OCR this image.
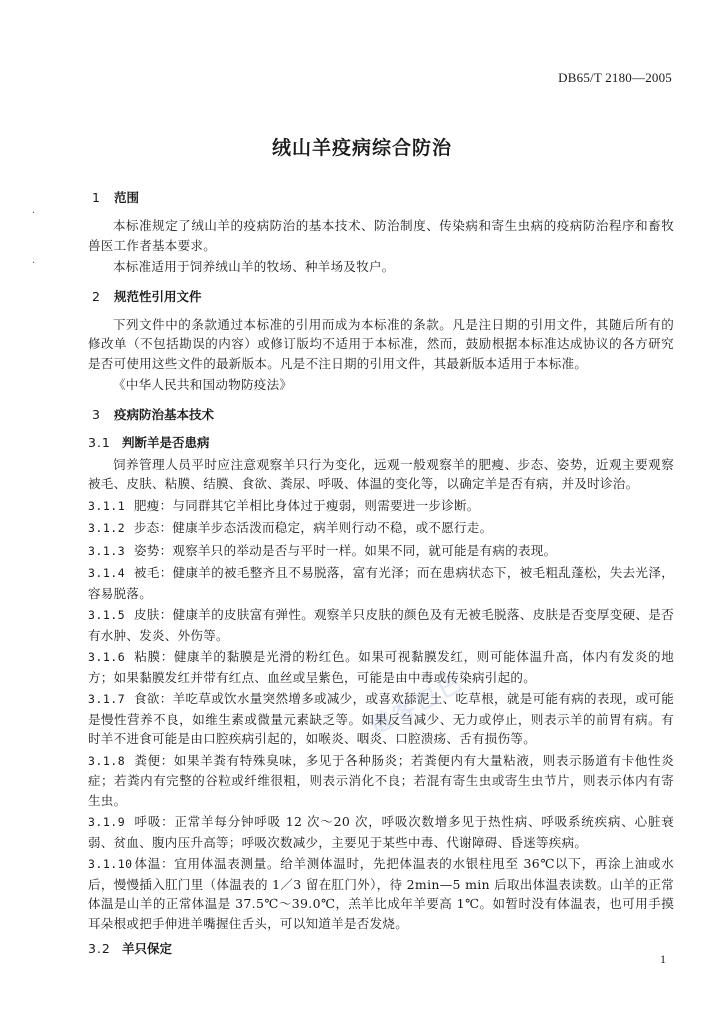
DB65/T 2180—2005
绒山羊疫病综合防治
·
·
1 范围

本标准规定了绒山羊的疫病防治的基本技术、防治制度、传染病和寄生虫病的疫病防治程序和畜牧兽医工作者基本要求。

本标准适用于饲养绒山羊的牧场、种羊场及牧户。

2 规范性引用文件

下列文件中的条款通过本标准的引用而成为本标准的条款。凡是注日期的引用文件，其随后所有的修改单（不包括勘误的内容）或修订版均不适用于本标准，然而，鼓励根据本标准达成协议的各方研究是否可使用这些文件的最新版本。凡是不注日期的引用文件，其最新版本适用于本标准。

《中华人民共和国动物防疫法》

3 疫病防治基本技术
3.1 判断羊是否患病

饲养管理人员平时应注意观察羊只行为变化，远观一般观察羊的肥瘦、步态、姿势，近观主要观察被毛、皮肤、粘膜、结膜、食欲、粪尿、呼吸、体温的变化等，以确定羊是否有病，并及时诊治。

3.1.1 肥瘦：与同群其它羊相比身体过于瘦弱，则需要进一步诊断。

3.1.2 步态：健康羊步态活泼而稳定，病羊则行动不稳，或不愿行走。

3.1.3 姿势：观察羊只的举动是否与平时一样。如果不同，就可能是有病的表现。

3.1.4 被毛：健康羊的被毛整齐且不易脱落，富有光泽；而在患病状态下，被毛粗乱蓬松，失去光泽，容易脱落。

3.1.5 皮肤：健康羊的皮肤富有弹性。观察羊只皮肤的颜色及有无被毛脱落、皮肤是否变厚变硬、是否有水肿、发炎、外伤等。

3.1.6 粘膜：健康羊的黏膜是光滑的粉红色。如果可视黏膜发红，则可能体温升高，体内有发炎的地方；如果黏膜发红并带有红点、血丝或呈紫色，可能是由中毒或传染病引起的。

3.1.7 食欲：羊吃草或饮水量突然增多或减少，或喜欢舔泥土、吃草根，就是可能有病的表现，或可能是慢性营养不良，如维生素或微量元素缺乏等。如果反刍减少、无力或停止，则表示羊的前胃有病。有时羊不进食可能是由口腔疾病引起的，如喉炎、咽炎、口腔溃疡、舌有损伤等。

3.1.8 粪便：如果羊粪有特殊臭味，多见于各种肠炎；若粪便内有大量粘液，则表示肠道有卡他性炎症；若粪内有完整的谷粒或纤维很粗，则表示消化不良；若混有寄生虫或寄生虫节片，则表示体内有寄生虫。

3.1.9 呼吸：正常羊每分钟呼吸 12 次～20 次，呼吸次数增多见于热性病、呼吸系统疾病、心脏衰弱、贫血、腹内压升高等；呼吸次数减少，主要见于某些中毒、代谢障碍、昏迷等疾病。

3.1.10体温：宜用体温表测量。给羊测体温时，先把体温表的水银柱甩至 36℃以下，再涂上油或水后，慢慢插入肛门里（体温表的 1／3 留在肛门外），待 2min—5 min 后取出体温表读数。山羊的正常体温是山羊的正常体温是 37.5℃～39.0℃，羔羊比成年羊要高 1℃。如暂时没有体温表，也可用手摸耳朵根或把手伸进羊嘴握住舌头，可以知道羊是否发烧。

3.2 羊只保定
道客巴巴
1
